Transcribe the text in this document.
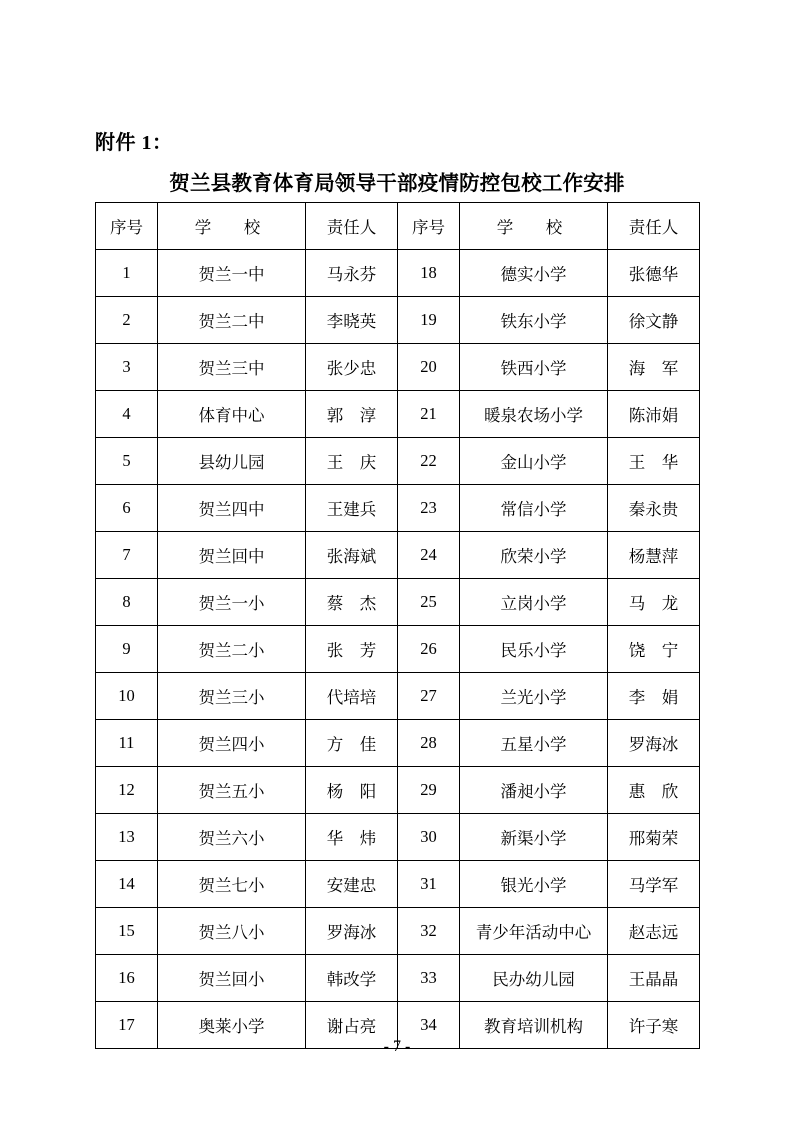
附件 1：
贺兰县教育体育局领导干部疫情防控包校工作安排
序号	学　校	责任人	序号	学　校	责任人
1	贺兰一中	马永芬	18	德实小学	张德华
2	贺兰二中	李晓英	19	铁东小学	徐文静
3	贺兰三中	张少忠	20	铁西小学	海　军
4	体育中心	郭　淳	21	暖泉农场小学	陈沛娟
5	县幼儿园	王　庆	22	金山小学	王　华
6	贺兰四中	王建兵	23	常信小学	秦永贵
7	贺兰回中	张海斌	24	欣荣小学	杨慧萍
8	贺兰一小	蔡　杰	25	立岗小学	马　龙
9	贺兰二小	张　芳	26	民乐小学	饶　宁
10	贺兰三小	代培培	27	兰光小学	李　娟
11	贺兰四小	方　佳	28	五星小学	罗海冰
12	贺兰五小	杨　阳	29	潘昶小学	惠　欣
13	贺兰六小	华　炜	30	新渠小学	邢菊荣
14	贺兰七小	安建忠	31	银光小学	马学军
15	贺兰八小	罗海冰	32	青少年活动中心	赵志远
16	贺兰回小	韩改学	33	民办幼儿园	王晶晶
17	奥莱小学	谢占亮	34	教育培训机构	许子寒
- 7 -
